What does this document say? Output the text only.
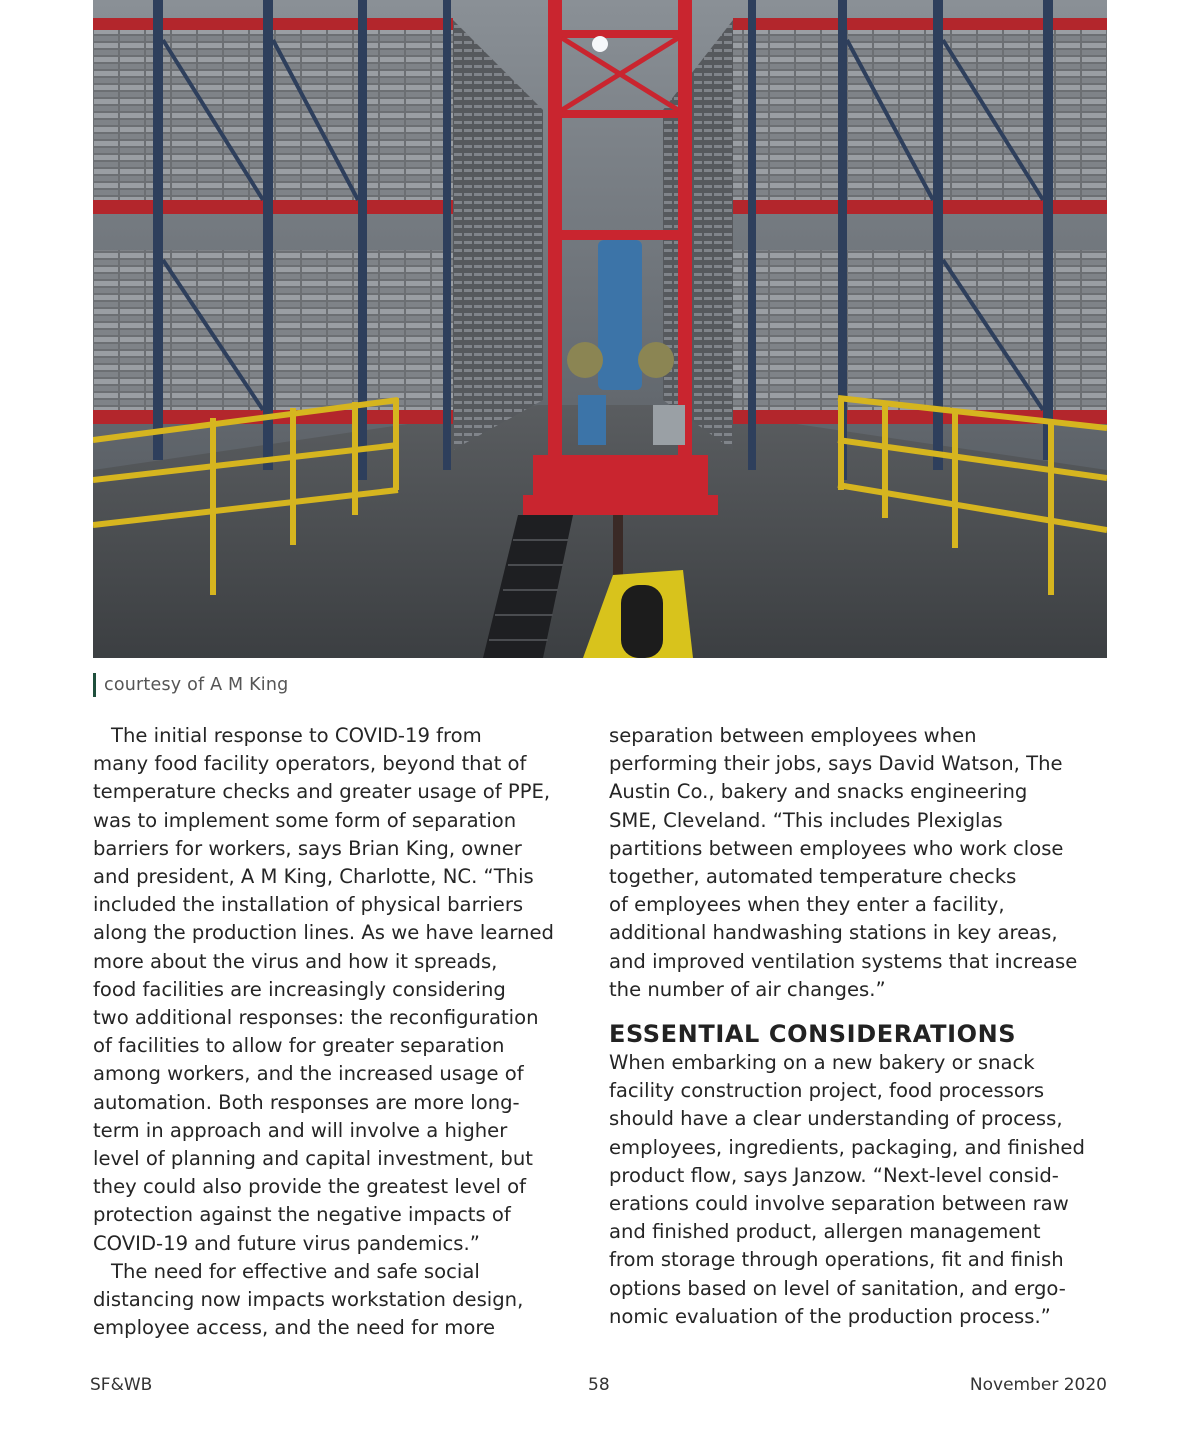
courtesy of A M King
The initial response to COVID-19 from
many food facility operators, beyond that of
temperature checks and greater usage of PPE,
was to implement some form of separation
barriers for workers, says Brian King, owner
and president, A M King, Charlotte, NC. “This
included the installation of physical barriers
along the production lines. As we have learned
more about the virus and how it spreads,
food facilities are increasingly considering
two additional responses: the reconfiguration
of facilities to allow for greater separation
among workers, and the increased usage of
automation. Both responses are more long-
term in approach and will involve a higher
level of planning and capital investment, but
they could also provide the greatest level of
protection against the negative impacts of
COVID-19 and future virus pandemics.”
The need for effective and safe social
distancing now impacts workstation design,
employee access, and the need for more
separation between employees when
performing their jobs, says David Watson, The
Austin Co., bakery and snacks engineering
SME, Cleveland. “This includes Plexiglas
partitions between employees who work close
together, automated temperature checks
of employees when they enter a facility,
additional handwashing stations in key areas,
and improved ventilation systems that increase
the number of air changes.”
ESSENTIAL CONSIDERATIONS
When embarking on a new bakery or snack
facility construction project, food processors
should have a clear understanding of process,
employees, ingredients, packaging, and finished
product flow, says Janzow. “Next-level consid-
erations could involve separation between raw
and finished product, allergen management
from storage through operations, fit and finish
options based on level of sanitation, and ergo-
nomic evaluation of the production process.”
SF&WB	58	November 2020
